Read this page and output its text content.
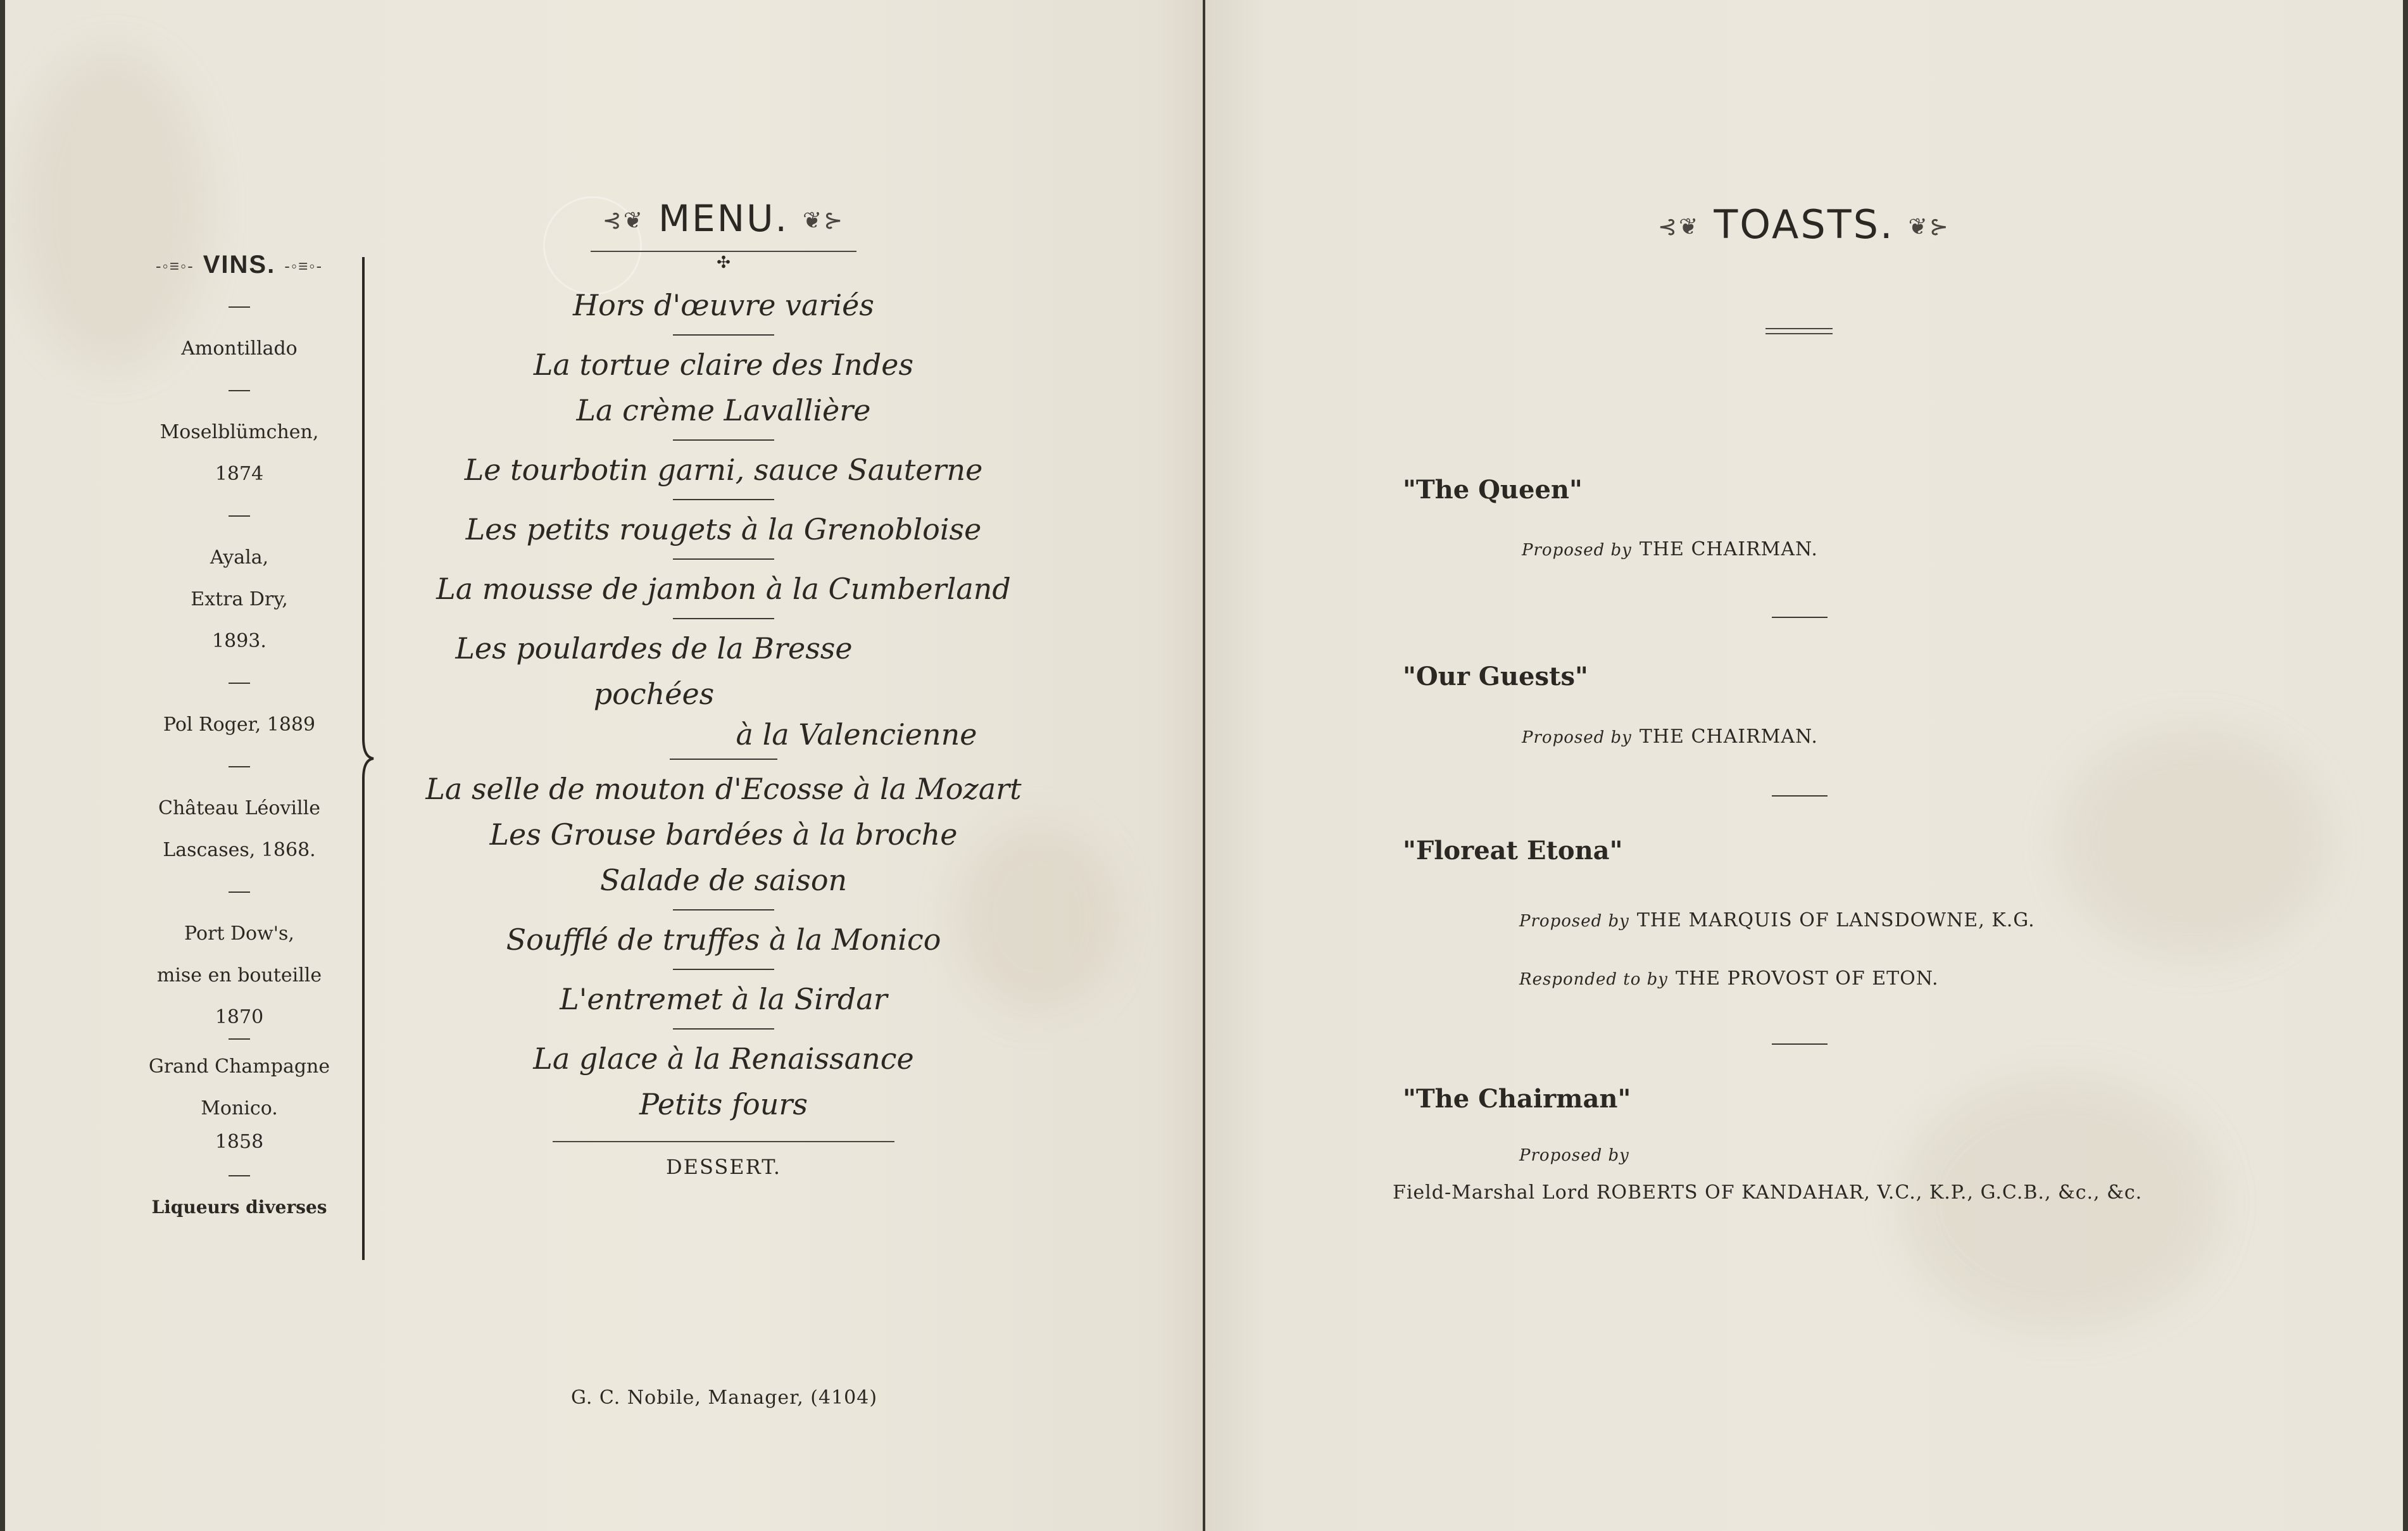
-◦≡◦- VINS. -◦≡◦-
Amontillado
Moselblümchen,
1874
Ayala,
Extra Dry,
1893.
Pol Roger, 1889
Château Léoville
Lascases, 1868.
Port Dow's,
mise en bouteille
1870
Grand Champagne
Monico.
1858
Liqueurs diverses
⊰❦ MENU. ❦⊱
✣
Hors d'œuvre variés
La tortue claire des Indes
La crème Lavallière
Le tourbotin garni, sauce Sauterne
Les petits rougets à la Grenobloise
La mousse de jambon à la Cumberland
Les poulardes de la Bresse pochées
à la Valencienne
La selle de mouton d'Ecosse à la Mozart
Les Grouse bardées à la broche
Salade de saison
Soufflé de truffes à la Monico
L'entremet à la Sirdar
La glace à la Renaissance
Petits fours
DESSERT.
G. C. Nobile, Manager, (4104)
⊰❦ TOASTS. ❦⊱
"The Queen"
Proposed by THE CHAIRMAN.
"Our Guests"
Proposed by THE CHAIRMAN.
"Floreat Etona"
Proposed by THE MARQUIS OF LANSDOWNE, K.G.
Responded to by THE PROVOST OF ETON.
"The Chairman"
Proposed by
Field-Marshal Lord ROBERTS OF KANDAHAR, V.C., K.P., G.C.B., &c., &c.
